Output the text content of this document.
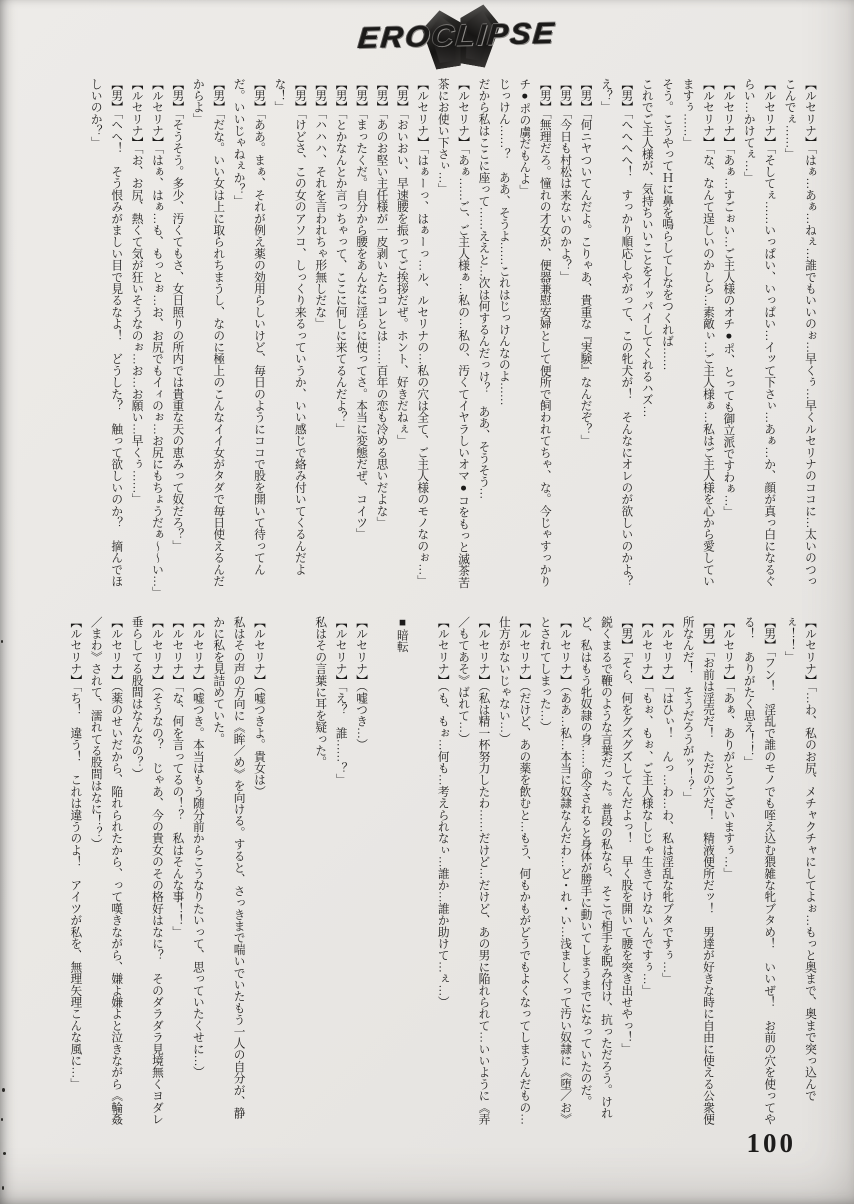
EROCLIPSE

【ルセリナ】「はぁ…あぁ…ねぇ…誰でもいいのぉ…早くぅ…早くルセリナのココに…太いのつっこんでぇ……」

【ルセリナ】「そしてぇ……いっぱい、いっぱい…イッて下さぃ…あぁ…か、顔が真っ白になるぐらい…かけてぇ…」

【ルセリナ】「あぁ…すごぉい…ご主人様のオチ●ポ、とっても御立派ですわぁ…」

【ルセリナ】「な、なんて逞しいのかしら…素敵ぃ…ご主人様ぁ…私はご主人様を心から愛していますぅ……」

そう。こうやってＨに鼻を鳴らしてしなをつくれば……

これでご主人様が、気持ちいいことをイッパイしてくれるハズ…

【男】「へへへへ！　すっかり順応しやがって、この牝犬が！　そんなにオレのが欲しいのかよ？　え？」

【男】「何ニヤついてんだよ。こりゃあ、貴重な『実験』なんだぞ？」

【男】「今日も村松は来ないのかよ？」

【男】「無理だろ。憧れの才女が、便器兼慰安婦として便所で飼われてちゃ、な。今じゃすっかりチ●ポの虜だもんよ」

じっけん……？　ああ、そうよ……これはじっけんなのよ……

だから私はここに座って……ええと…次は何するんだっけ？　ああ、そうそう…

【ルセリナ】「あぁ……ご、ご主人様ぁ…私の…私の、汚くてイヤラしいオマ●コをもっと滅茶苦茶にお使い下さぃ…」

【ルセリナ】「はぁーっ、はぁーっ…ル、ルセリナの…私の穴は全て、ご主人様のモノなのぉ…」

【男】「おいおい、早速腰を振ってご挨拶だぜ。ホント、好きだねぇ」

【男】「あのお堅い主任様が一皮剥いたらコレとは……百年の恋も冷める思いだよな」

【男】「まったくだ。自分から腰をあんなに淫らに使ってさ。本当に変態だぜ、コイツ」

【男】「とかなんとか言っちゃって、ここに何しに来てるんだよ？」

【男】「ハハハ、それを言われちゃ形無しだな」

【男】「けどさ、この女のアソコ、しっくり来るっていうか、いい感じで絡み付いてくるんだよな！」

【男】「ああ。まぁ、それが例え薬の効用らしいけど、毎日のようにココで股を開いて待ってんだ。いいじゃねぇか？」

【男】「だな。いい女は上に取られちまうし、なのに極上のこんなイイ女がタダで毎日使えるんだからよ」

【男】「そうそう。多少、汚くてもさ、女日照りの所内では貴重な天の恵みって奴だろ？」

【ルセリナ】「はぁ、はぁ…も、もっとぉ…お、お尻でもイィのぉ…お尻にもちょうだぁ〜〜い…」

【ルセリナ】「お、お尻、熱くて気が狂いそうなのぉ…お…お願い…早くぅ……」

【男】「ヘヘ！　そう恨みがましい目で見るなよ！　どうした？　触って欲しいのか？　摘んでほしいのか？」

【ルセリナ】「…わ、私のお尻、メチャクチャにしてよぉ…もっと奥まで、奥まで突っ込んでぇ！！」

【男】「フン！　淫乱で誰のモノでも咥え込む猥雑な牝ブタめ！　いいぜ！　お前の穴を使ってやる！　ありがたく思え！！」

【ルセリナ】「あぁ、ありがとうございますぅ…」

【男】「お前は淫売だ！　ただの穴だ！　精液便所だッ！　男達が好きな時に自由に使える公衆便所なんだ！　そうだろうがッ！？」

【ルセリナ】「はひぃ！　んっ…わ…わ、私は淫乱な牝ブタですぅ…」

【ルセリナ】「もぉ、もぉ、ご主人様なしじゃ生きてけないんですぅ…」

【男】「そら、何をグズグズしてんだよっ！　早く股を開いて腰を突き出せやっ！」

鋭くまるで鞭のような言葉だった。普段の私なら、そこで相手を睨み付け、抗っただろう。けれど、私はもう牝奴隷の身……命令されると身体が勝手に動いてしまうまでになっていたのだ。

【ルセリナ】（ああ…私…本当に奴隷なんだわ…ど・れ・い…浅ましくって汚い奴隷に《堕／お》とされてしまった…）

【ルセリナ】（だけど、あの薬を飲むと…もう、何もかもがどうでもよくなってしまうんだもの…仕方がないじゃない…）

【ルセリナ】（私は精一杯努力したわ……だけど…だけど、あの男に陥れられて…いいように《弄／もてあそ》ばれて…）

【ルセリナ】（も、もぉ…何も…考えられなぃ…誰か…誰か助けて…ぇ…）

■暗転

【ルセリナ】（嘘つき…）

【ルセリナ】「え？　誰……？」

私はその言葉に耳を疑った。

【ルセリナ】（嘘つきよ。貴女は）

私はその声の方向に《眸／め》を向ける。すると、さっきまで喘いでいたもう一人の自分が、静かに私を見詰めていた。

【ルセリナ】（嘘つき。本当はもう随分前からこうなりたいって、思っていたくせに…）

【ルセリナ】「な、何を言ってるの！？　私はそんな事！！」

【ルセリナ】（そうなの？　じゃあ、今の貴女のその格好はなに？　そのダラダラ見境無くヨダレ垂らしてる股間はなんなの？）

【ルセリナ】（薬のせいだから、陥れられたから、って嘆きながら、嫌よ嫌よと泣きながら《輪姦／まわ》されて、濡れてる股間はなに！？）

【ルセリナ】「ち！　違う！　これは違うのよ！　アイツが私を、無理矢理こんな風に…」

100
